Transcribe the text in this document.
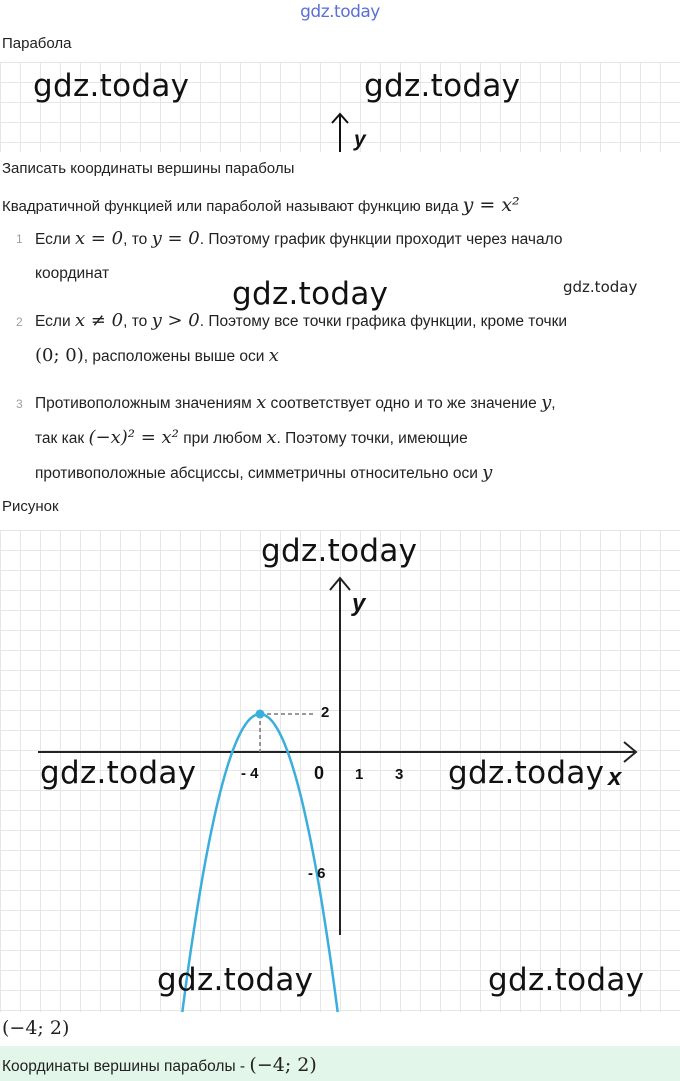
gdz.today
Парабола
gdz.today	gdz.today
y
Записать координаты вершины параболы
Квадратичной функцией или параболой называют функцию вида y = x²
1 Если x = 0, то y = 0. Поэтому график функции проходит через начало
координат
gdz.today	gdz.today
2 Если x ≠ 0, то y > 0. Поэтому все точки графика функции, кроме точки
(0; 0), расположены выше оси x
3 Противоположным значениям x соответствует одно и то же значение y,
так как (−x)² = x² при любом x. Поэтому точки, имеющие
противоположные абсциссы, симметричны относительно оси y
Рисунок
gdz.today
y
x
2
- 6
- 4	0 1 3
gdz.today	gdz.today
gdz.today	gdz.today
(−4; 2)
Координаты вершины параболы - (−4; 2)
